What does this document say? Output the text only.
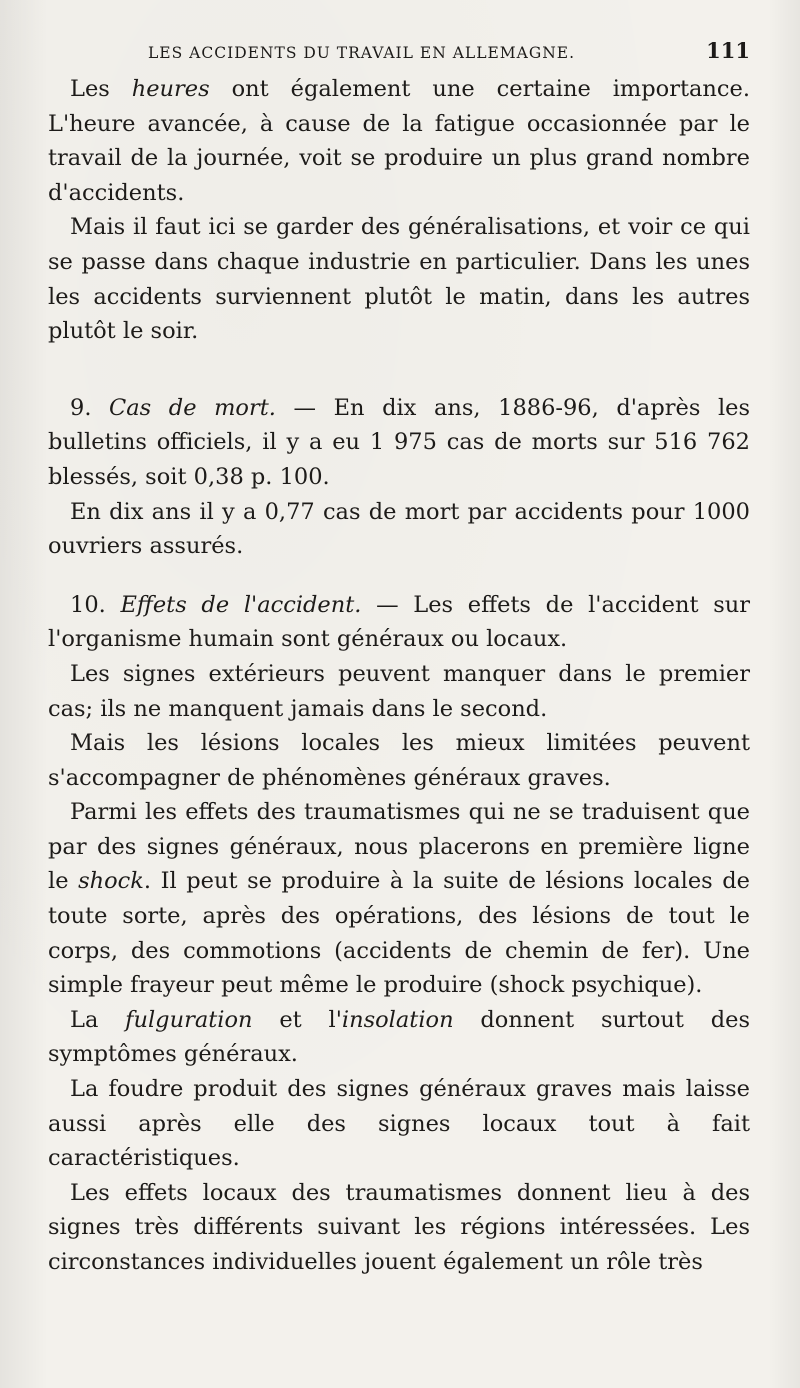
LES ACCIDENTS DU TRAVAIL EN ALLEMAGNE.	111

Les heures ont également une certaine importance. L'heure avancée, à cause de la fatigue occasionnée par le travail de la journée, voit se produire un plus grand nombre d'accidents.

Mais il faut ici se garder des généralisations, et voir ce qui se passe dans chaque industrie en particulier. Dans les unes les accidents surviennent plutôt le matin, dans les autres plutôt le soir.

9. Cas de mort. — En dix ans, 1886-96, d'après les bulletins officiels, il y a eu 1 975 cas de morts sur 516 762 blessés, soit 0,38 p. 100.

En dix ans il y a 0,77 cas de mort par accidents pour 1000 ouvriers assurés.

10. Effets de l'accident. — Les effets de l'accident sur l'organisme humain sont généraux ou locaux.

Les signes extérieurs peuvent manquer dans le premier cas; ils ne manquent jamais dans le second.

Mais les lésions locales les mieux limitées peuvent s'accompagner de phénomènes généraux graves.

Parmi les effets des traumatismes qui ne se traduisent que par des signes généraux, nous placerons en première ligne le shock. Il peut se produire à la suite de lésions locales de toute sorte, après des opérations, des lésions de tout le corps, des commotions (accidents de chemin de fer). Une simple frayeur peut même le produire (shock psychique).

La fulguration et l'insolation donnent surtout des symptômes généraux.

La foudre produit des signes généraux graves mais laisse aussi après elle des signes locaux tout à fait caractéristiques.

Les effets locaux des traumatismes donnent lieu à des signes très différents suivant les régions intéressées. Les circonstances individuelles jouent également un rôle très
